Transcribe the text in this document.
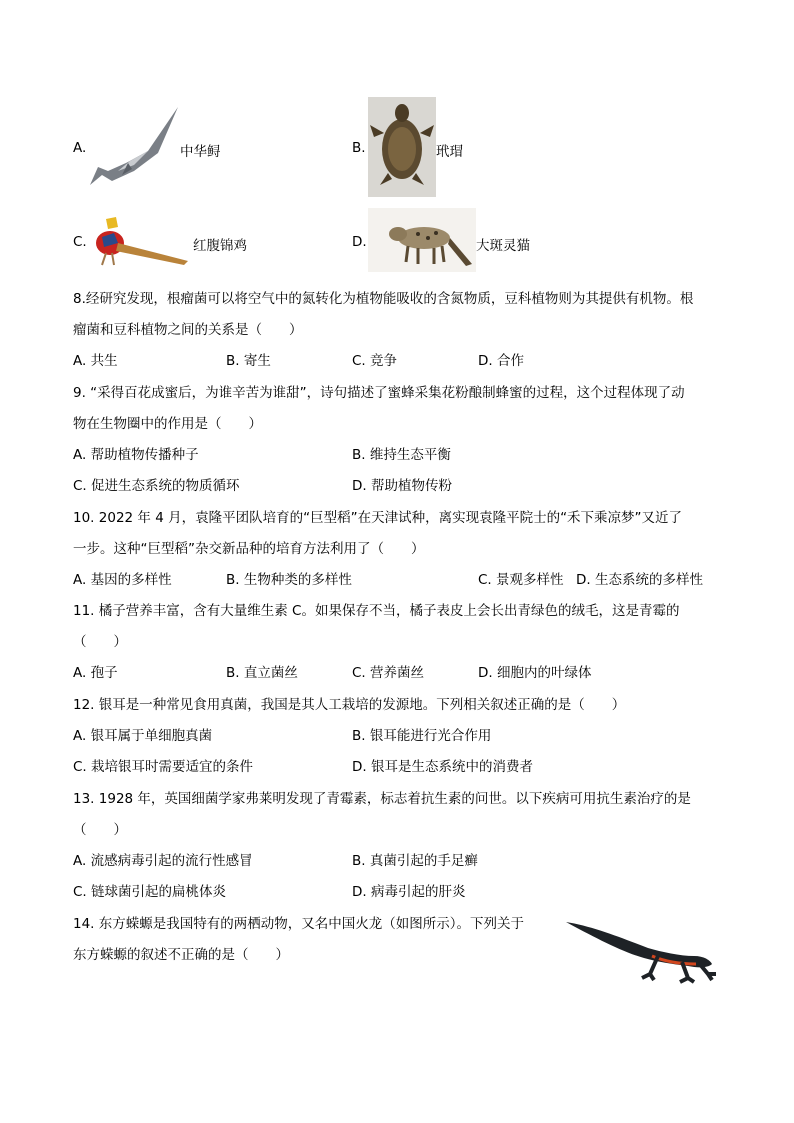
A.	中华鲟	B.	玳瑁
C.	红腹锦鸡	D.	大斑灵猫
8.经研究发现，根瘤菌可以将空气中的氮转化为植物能吸收的含氮物质，豆科植物则为其提供有机物。根
瘤菌和豆科植物之间的关系是（　　）
A. 共生	B. 寄生	C. 竞争	D. 合作
9. “采得百花成蜜后，为谁辛苦为谁甜”，诗句描述了蜜蜂采集花粉酿制蜂蜜的过程，这个过程体现了动
物在生物圈中的作用是（　　）
A. 帮助植物传播种子	B. 维持生态平衡
C. 促进生态系统的物质循环	D. 帮助植物传粉
10. 2022 年 4 月，袁隆平团队培育的“巨型稻”在天津试种，离实现袁隆平院士的“禾下乘凉梦”又近了
一步。这种“巨型稻”杂交新品种的培育方法利用了（　　）
A. 基因的多样性	B. 生物种类的多样性	C. 景观多样性 D. 生态系统的多样性
11. 橘子营养丰富，含有大量维生素 C。如果保存不当，橘子表皮上会长出青绿色的绒毛，这是青霉的
（　　）
A. 孢子	B. 直立菌丝	C. 营养菌丝	D. 细胞内的叶绿体
12. 银耳是一种常见食用真菌，我国是其人工栽培的发源地。下列相关叙述正确的是（　　）
A. 银耳属于单细胞真菌	B. 银耳能进行光合作用
C. 栽培银耳时需要适宜的条件	D. 银耳是生态系统中的消费者
13. 1928 年，英国细菌学家弗莱明发现了青霉素，标志着抗生素的问世。以下疾病可用抗生素治疗的是
（　　）
A. 流感病毒引起的流行性感冒	B. 真菌引起的手足癣
C. 链球菌引起的扁桃体炎	D. 病毒引起的肝炎
14. 东方蝾螈是我国特有的两栖动物，又名中国火龙（如图所示）。下列关于
东方蝾螈的叙述不正确的是（　　）
